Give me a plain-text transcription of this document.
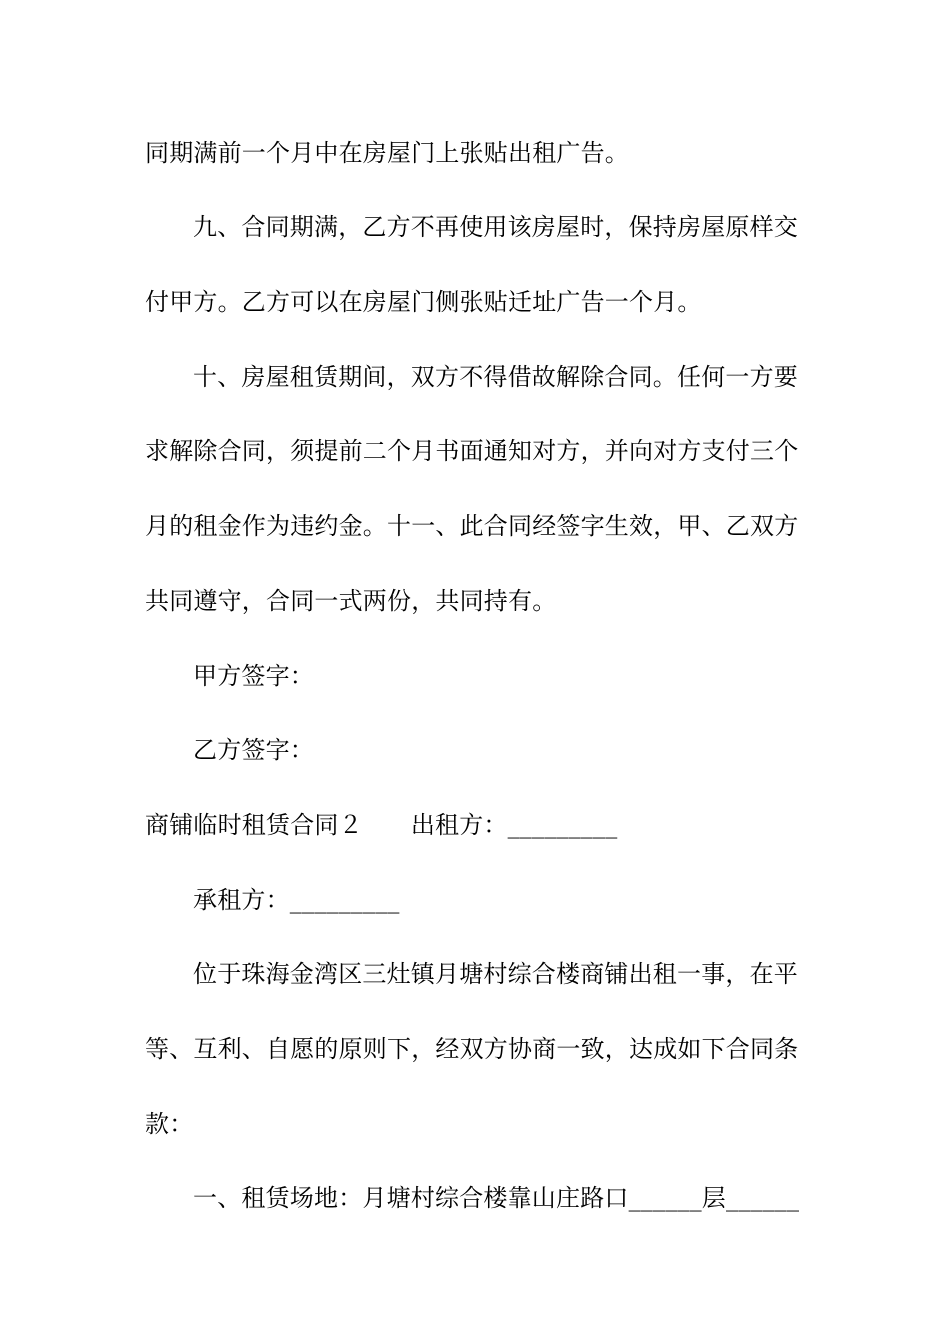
同期满前一个月中在房屋门上张贴出租广告。
九、合同期满，乙方不再使用该房屋时，保持房屋原样交
付甲方。乙方可以在房屋门侧张贴迁址广告一个月。
十、房屋租赁期间，双方不得借故解除合同。任何一方要
求解除合同，须提前二个月书面通知对方，并向对方支付三个
月的租金作为违约金。十一、此合同经签字生效，甲、乙双方
共同遵守，合同一式两份，共同持有。
甲方签字：
乙方签字：
商铺临时租赁合同２ 出租方：_________
承租方：_________
位于珠海金湾区三灶镇月塘村综合楼商铺出租一事，在平
等、互利、自愿的原则下，经双方协商一致，达成如下合同条
款：
一、租赁场地：月塘村综合楼靠山庄路口______层______
